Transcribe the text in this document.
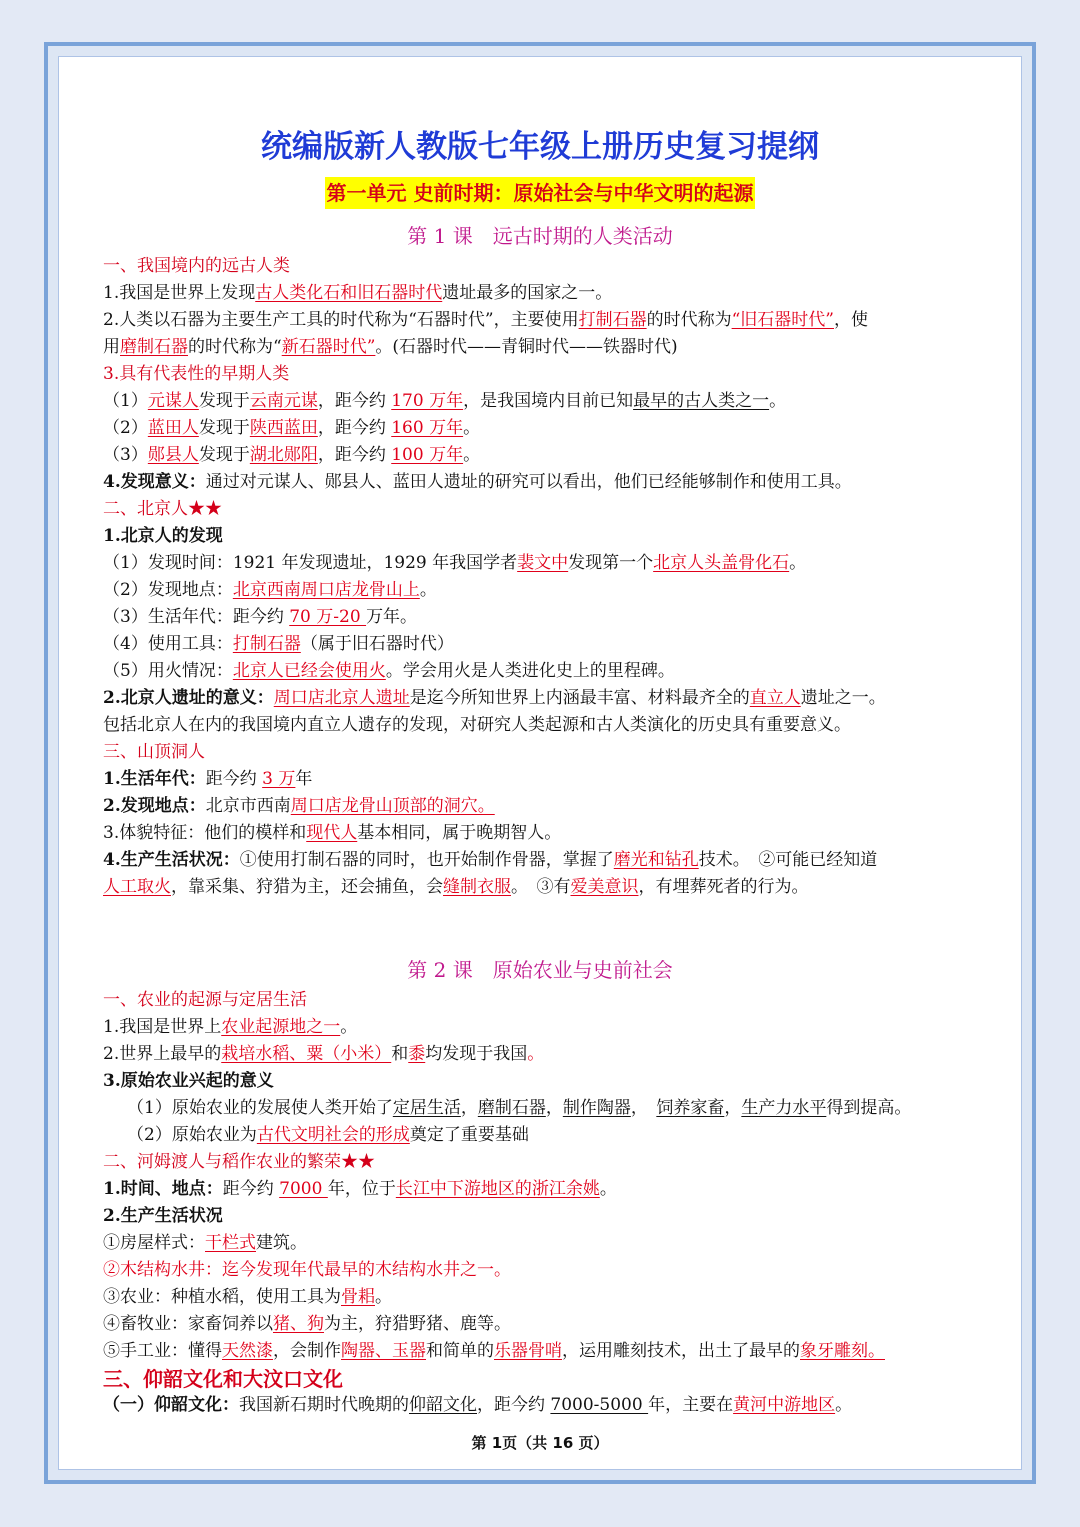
统编版新人教版七年级上册历史复习提纲
第一单元 史前时期：原始社会与中华文明的起源
第 1 课　远古时期的人类活动
一、我国境内的远古人类
1.我国是世界上发现古人类化石和旧石器时代遗址最多的国家之一。
2.人类以石器为主要生产工具的时代称为“石器时代”，主要使用打制石器的时代称为“旧石器时代”，使
用磨制石器的时代称为“新石器时代”。(石器时代——青铜时代——铁器时代)
3.具有代表性的早期人类
（1）元谋人发现于云南元谋，距今约 170 万年，是我国境内目前已知最早的古人类之一。
（2）蓝田人发现于陕西蓝田，距今约 160 万年。
（3）郧县人发现于湖北郧阳，距今约 100 万年。
4.发现意义：通过对元谋人、郧县人、蓝田人遗址的研究可以看出，他们已经能够制作和使用工具。
二、北京人★★
1.北京人的发现
（1）发现时间：1921 年发现遗址，1929 年我国学者裴文中发现第一个北京人头盖骨化石。
（2）发现地点：北京西南周口店龙骨山上。
（3）生活年代：距今约 70 万-20 万年。
（4）使用工具：打制石器（属于旧石器时代）
（5）用火情况：北京人已经会使用火。学会用火是人类进化史上的里程碑。
2.北京人遗址的意义：周口店北京人遗址是迄今所知世界上内涵最丰富、材料最齐全的直立人遗址之一。
包括北京人在内的我国境内直立人遗存的发现，对研究人类起源和古人类演化的历史具有重要意义。
三、山顶洞人
1.生活年代：距今约 3 万年
2.发现地点：北京市西南周口店龙骨山顶部的洞穴。
3.体貌特征：他们的模样和现代人基本相同，属于晚期智人。
4.生产生活状况：①使用打制石器的同时，也开始制作骨器，掌握了磨光和钻孔技术。　②可能已经知道
人工取火，靠采集、狩猎为主，还会捕鱼，会缝制衣服。　③有爱美意识，有埋葬死者的行为。
第 2 课　原始农业与史前社会
一、农业的起源与定居生活
1.我国是世界上农业起源地之一。
2.世界上最早的栽培水稻、粟（小米）和黍均发现于我国。
3.原始农业兴起的意义
（1）原始农业的发展使人类开始了定居生活，磨制石器，制作陶器，　饲养家畜，生产力水平得到提高。
（2）原始农业为古代文明社会的形成奠定了重要基础
二、河姆渡人与稻作农业的繁荣★★
1.时间、地点：距今约 7000 年，位于长江中下游地区的浙江余姚。
2.生产生活状况
①房屋样式：干栏式建筑。
②木结构水井：迄今发现年代最早的木结构水井之一。
③农业：种植水稻，使用工具为骨耜。
④畜牧业：家畜饲养以猪、狗为主，狩猎野猪、鹿等。
⑤手工业：懂得天然漆，会制作陶器、玉器和简单的乐器骨哨，运用雕刻技术，出土了最早的象牙雕刻。
三、仰韶文化和大汶口文化
（一）仰韶文化：我国新石期时代晚期的仰韶文化，距今约 7000-5000 年，主要在黄河中游地区。
第 1页（共 16 页）
